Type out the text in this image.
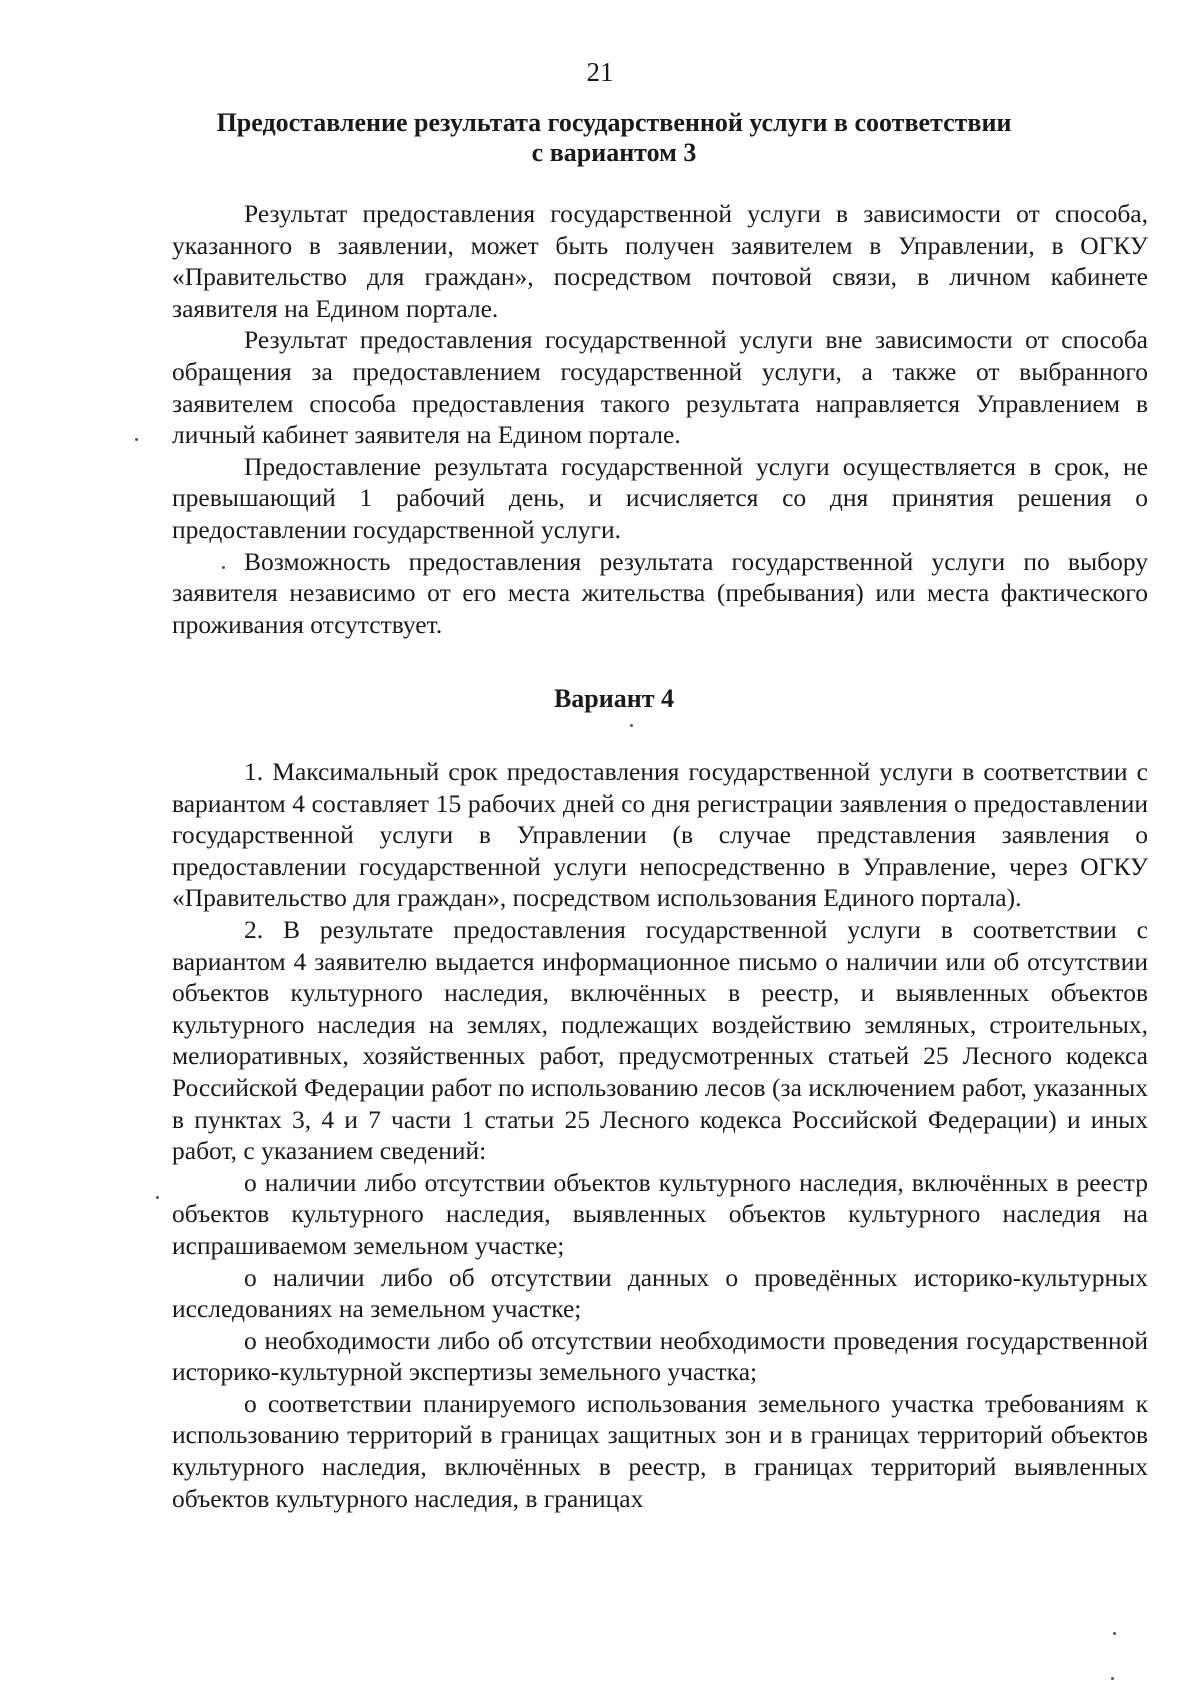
21
Предоставление результата государственной услуги в соответствии
с вариантом 3

Результат предоставления государственной услуги в зависимости от способа, указанного в заявлении, может быть получен заявителем в Управлении, в ОГКУ «Правительство для граждан», посредством почтовой связи, в личном кабинете заявителя на Едином портале.

Результат предоставления государственной услуги вне зависимости от способа обращения за предоставлением государственной услуги, а также от выбранного заявителем способа предоставления такого результата направляется Управлением в личный кабинет заявителя на Едином портале.

Предоставление результата государственной услуги осуществляется в срок, не превышающий 1 рабочий день, и исчисляется со дня принятия решения о предоставлении государственной услуги.

Возможность предоставления результата государственной услуги по выбору заявителя независимо от его места жительства (пребывания) или места фактического проживания отсутствует.

Вариант 4

1. Максимальный срок предоставления государственной услуги в соответствии с вариантом 4 составляет 15 рабочих дней со дня регистрации заявления о предоставлении государственной услуги в Управлении (в случае представления заявления о предоставлении государственной услуги непосредственно в Управление, через ОГКУ «Правительство для граждан», посредством использования Единого портала).

2. В результате предоставления государственной услуги в соответствии с вариантом 4 заявителю выдается информационное письмо о наличии или об отсутствии объектов культурного наследия, включённых в реестр, и выявленных объектов культурного наследия на землях, подлежащих воздействию земляных, строительных, мелиоративных, хозяйственных работ, предусмотренных статьей 25 Лесного кодекса Российской Федерации работ по использованию лесов (за исключением работ, указанных в пунктах 3, 4 и 7 части 1 статьи 25 Лесного кодекса Российской Федерации) и иных работ, с указанием сведений:

о наличии либо отсутствии объектов культурного наследия, включённых в реестр объектов культурного наследия, выявленных объектов культурного наследия на испрашиваемом земельном участке;

о наличии либо об отсутствии данных о проведённых историко-культурных исследованиях на земельном участке;

о необходимости либо об отсутствии необходимости проведения государственной историко-культурной экспертизы земельного участка;

о соответствии планируемого использования земельного участка требованиям к использованию территорий в границах защитных зон и в границах территорий объектов культурного наследия, включённых в реестр, в границах территорий выявленных объектов культурного наследия, в границах
